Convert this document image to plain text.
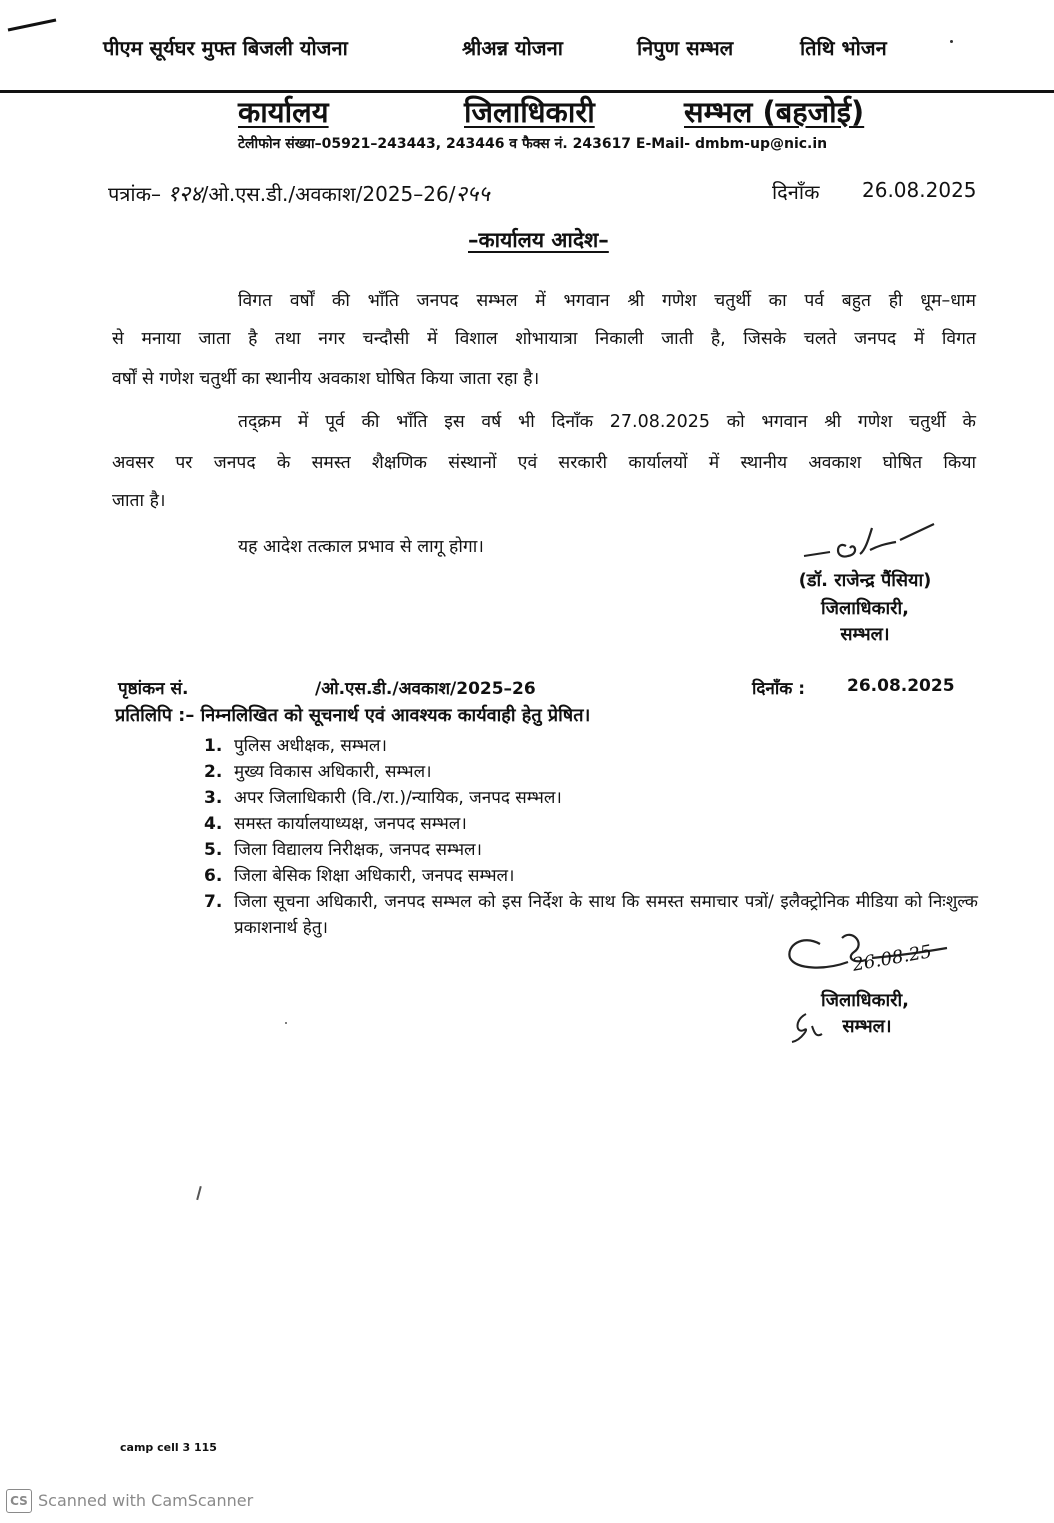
पीएम सूर्यघर मुफ्त बिजली योजना	श्रीअन्न योजना	निपुण सम्भल	तिथि भोजन
कार्यालय	जिलाधिकारी	सम्भल (बहजोई)
टेलीफोन संख्या–05921–243443, 243446 व फैक्स नं. 243617 E-Mail- dmbm-up@nic.in
पत्रांक– १२४/ओ.एस.डी./अवकाश/2025–26/२५५	दिनाँक 26.08.2025
–कार्यालय आदेश–
विगत वर्षों की भाँति जनपद सम्भल में भगवान श्री गणेश चतुर्थी का पर्व बहुत ही धूम–धाम
से मनाया जाता है तथा नगर चन्दौसी में विशाल शोभायात्रा निकाली जाती है, जिसके चलते जनपद में विगत
वर्षों से गणेश चतुर्थी का स्थानीय अवकाश घोषित किया जाता रहा है।
तद्क्रम में पूर्व की भाँति इस वर्ष भी दिनाँक 27.08.2025 को भगवान श्री गणेश चतुर्थी के
अवसर पर जनपद के समस्त शैक्षणिक संस्थानों एवं सरकारी कार्यालयों में स्थानीय अवकाश घोषित किया
जाता है।
यह आदेश तत्काल प्रभाव से लागू होगा।
(डॉ. राजेन्द्र पैंसिया)
जिलाधिकारी,
सम्भल।
पृष्ठांकन सं.	/ओ.एस.डी./अवकाश/2025–26	दिनाँक : 26.08.2025
प्रतिलिपि :– निम्नलिखित को सूचनार्थ एवं आवश्यक कार्यवाही हेतु प्रेषित।
1. पुलिस अधीक्षक, सम्भल।
2. मुख्य विकास अधिकारी, सम्भल।
3. अपर जिलाधिकारी (वि./रा.)/न्यायिक, जनपद सम्भल।
4. समस्त कार्यालयाध्यक्ष, जनपद सम्भल।
5. जिला विद्यालय निरीक्षक, जनपद सम्भल।
6. जिला बेसिक शिक्षा अधिकारी, जनपद सम्भल।
7. जिला सूचना अधिकारी, जनपद सम्भल को इस निर्देश के साथ कि समस्त समाचार पत्रों/ इलैक्ट्रोनिक मीडिया को निःशुल्क प्रकाशनार्थ हेतु।
26.08.25
जिलाधिकारी,
सम्भल।
camp cell 3 115
CS Scanned with CamScanner
